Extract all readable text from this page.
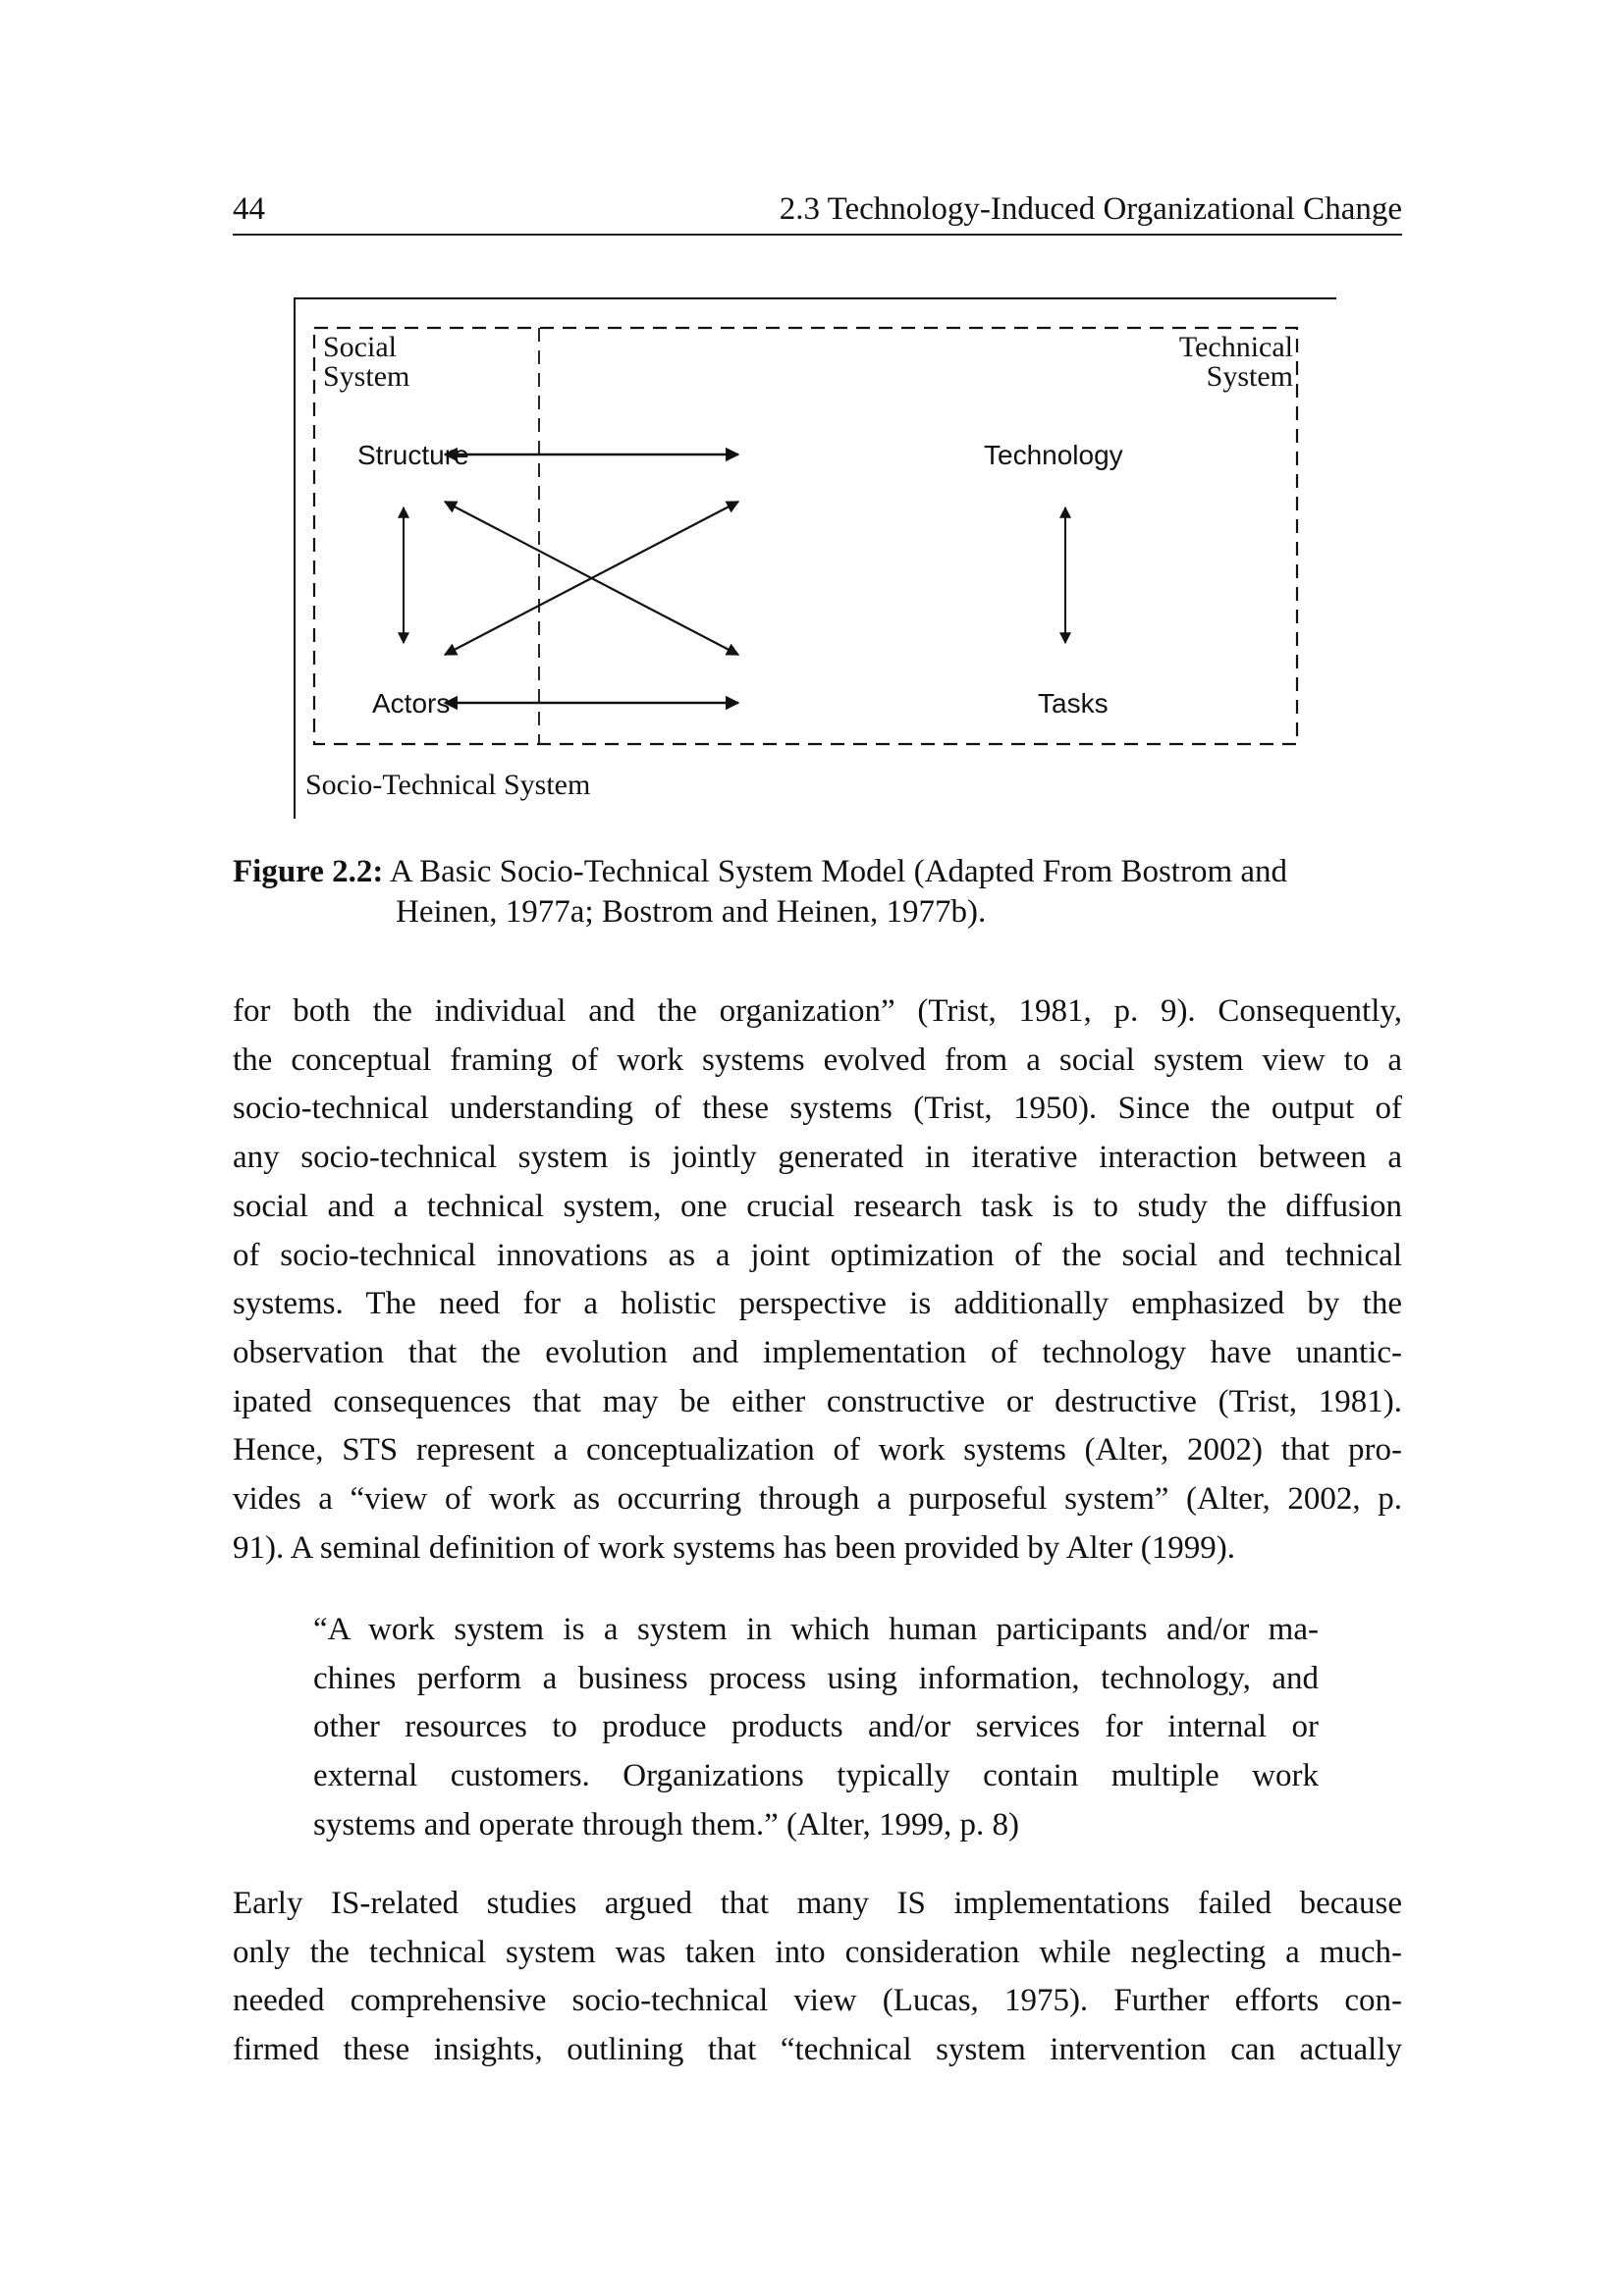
44	2.3 Technology-Induced Organizational Change
Social
System
Technical
System
Structure	Technology
Actors	Tasks
Socio-Technical System
Figure 2.2: A Basic Socio-Technical System Model (Adapted From Bostrom and
Heinen, 1977a; Bostrom and Heinen, 1977b).
for both the individual and the organization” (Trist, 1981, p. 9). Consequently,
the conceptual framing of work systems evolved from a social system view to a
socio-technical understanding of these systems (Trist, 1950). Since the output of
any socio-technical system is jointly generated in iterative interaction between a
social and a technical system, one crucial research task is to study the diffusion
of socio-technical innovations as a joint optimization of the social and technical
systems. The need for a holistic perspective is additionally emphasized by the
observation that the evolution and implementation of technology have unantic-
ipated consequences that may be either constructive or destructive (Trist, 1981).
Hence, STS represent a conceptualization of work systems (Alter, 2002) that pro-
vides a “view of work as occurring through a purposeful system” (Alter, 2002, p.
91). A seminal definition of work systems has been provided by Alter (1999).
“A work system is a system in which human participants and/or ma-
chines perform a business process using information, technology, and
other resources to produce products and/or services for internal or
external customers. Organizations typically contain multiple work
systems and operate through them.” (Alter, 1999, p. 8)
Early IS-related studies argued that many IS implementations failed because
only the technical system was taken into consideration while neglecting a much-
needed comprehensive socio-technical view (Lucas, 1975). Further efforts con-
firmed these insights, outlining that “technical system intervention can actually
